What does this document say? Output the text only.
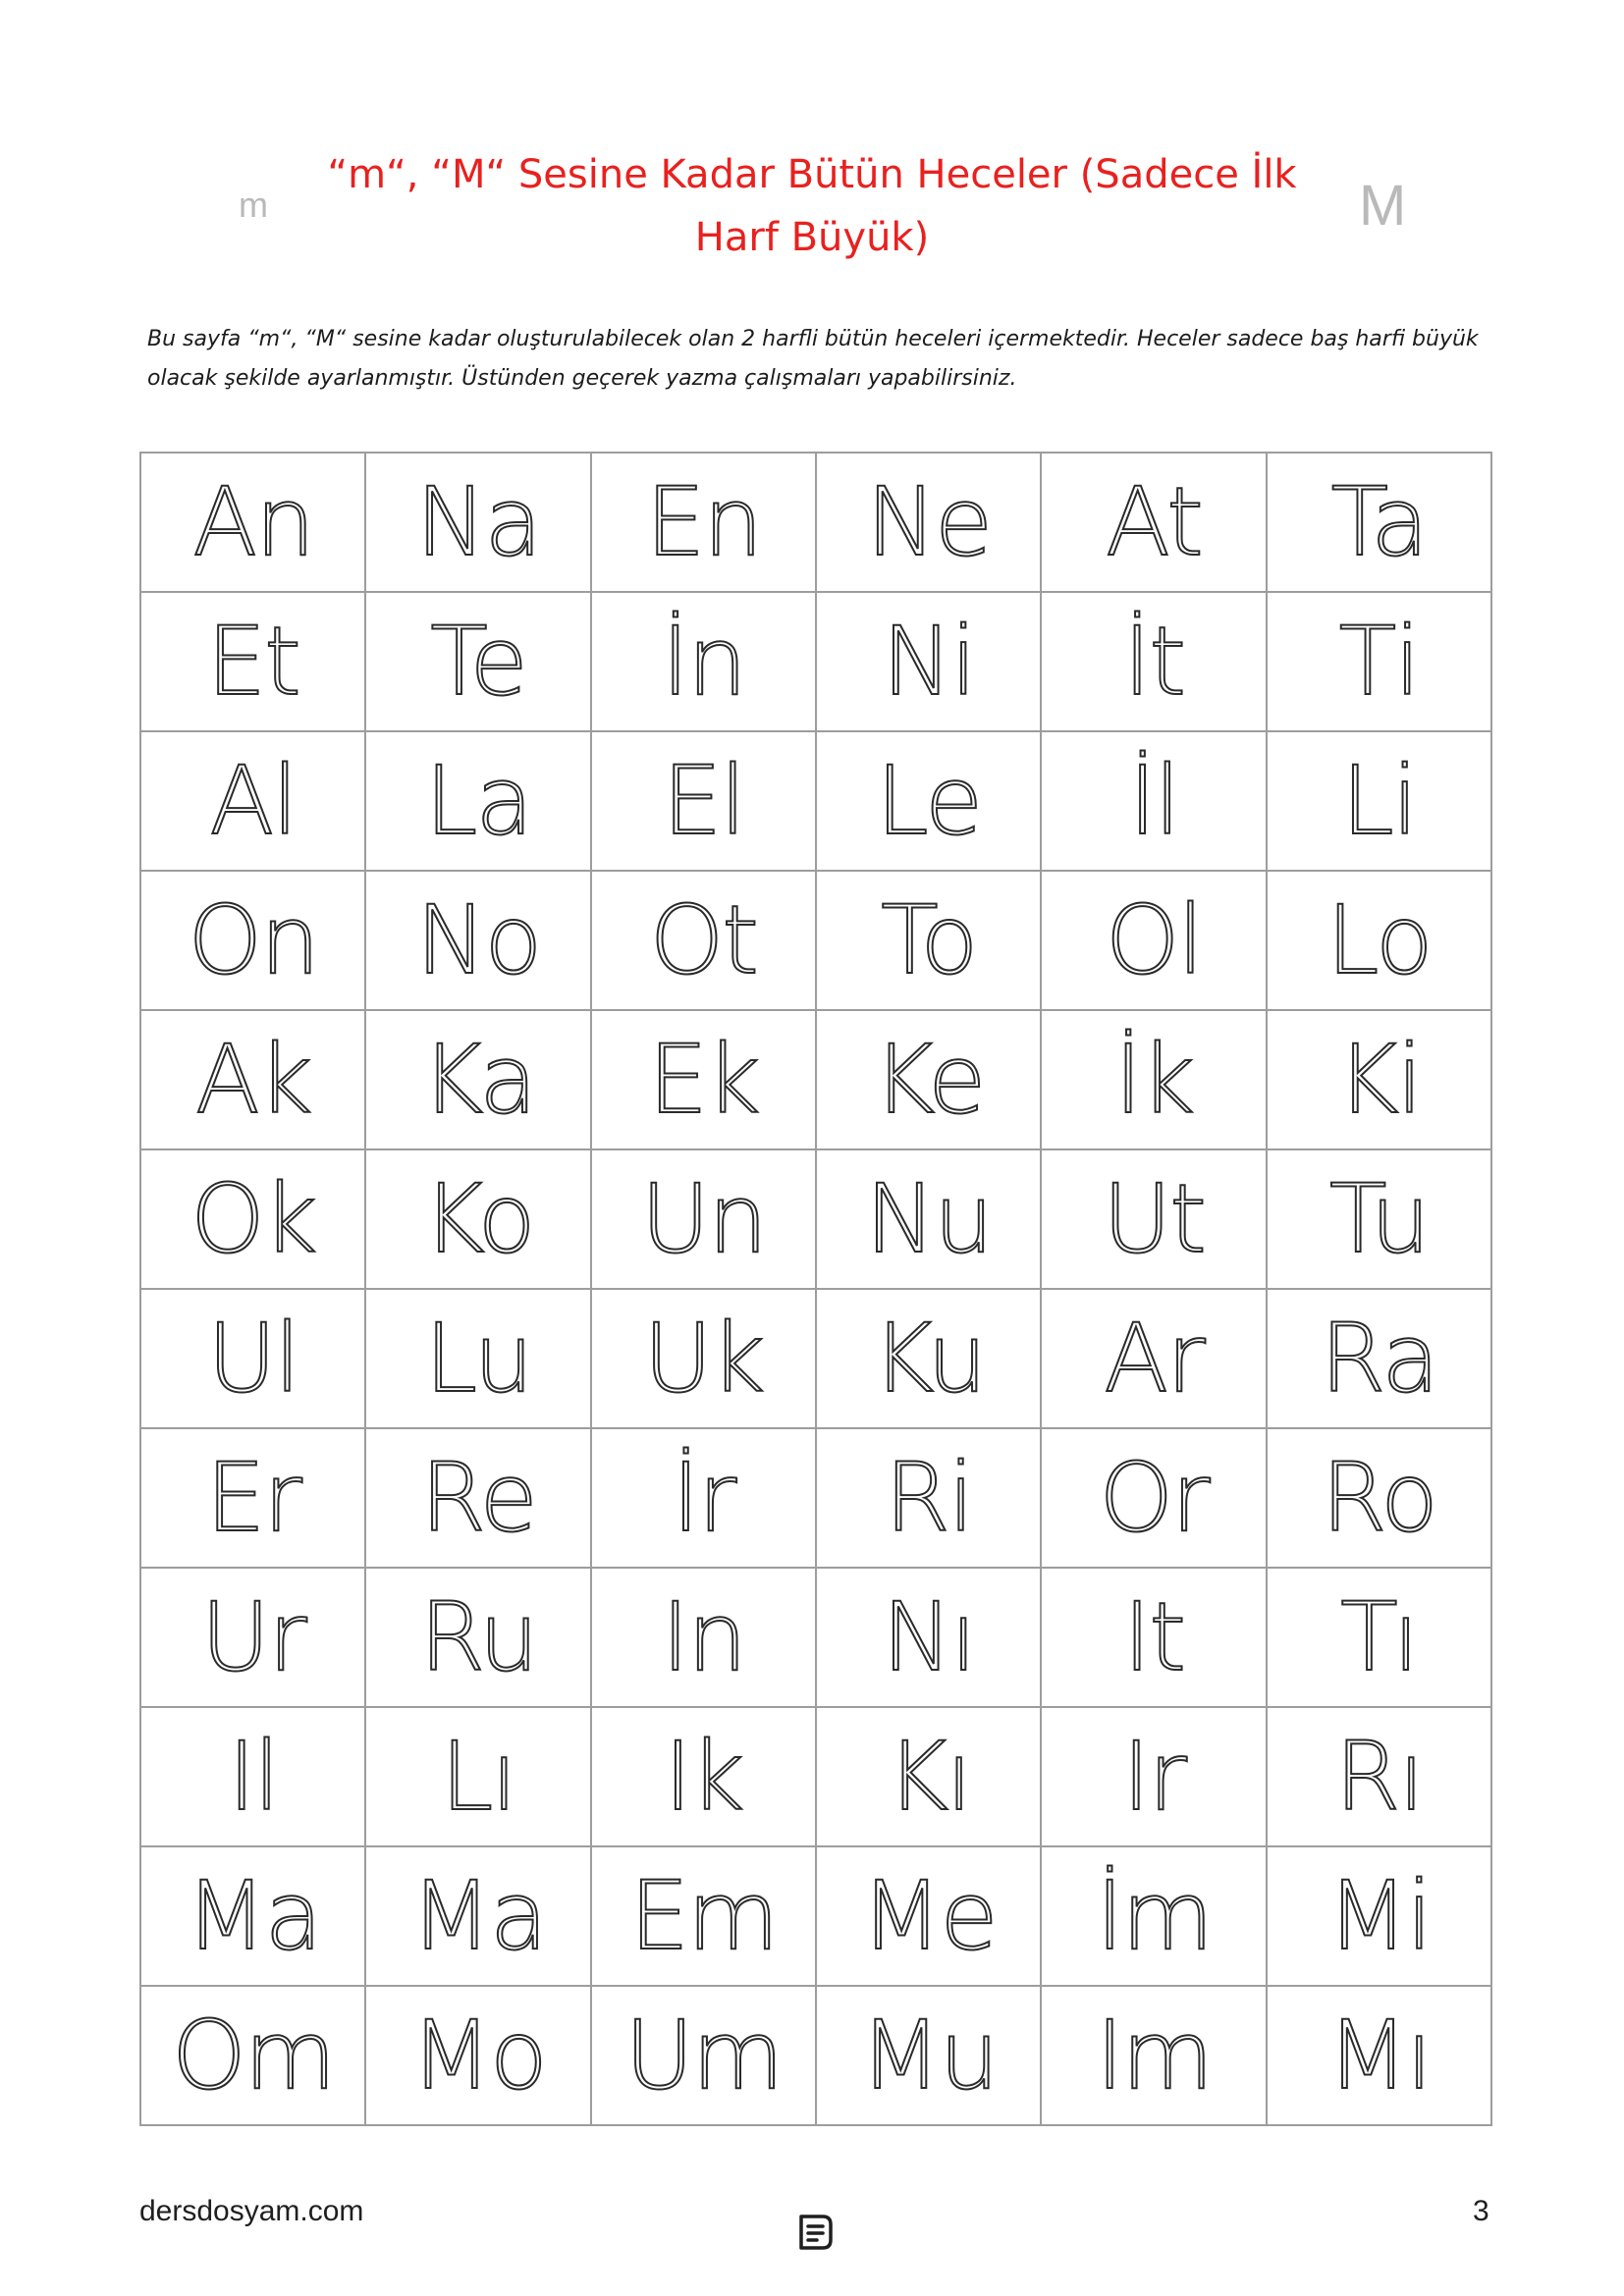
m	M
“m“, “M“ Sesine Kadar Bütün Heceler (Sadece İlk
Harf Büyük)
Bu sayfa “m“, “M“ sesine kadar oluşturulabilecek olan 2 harfli bütün heceleri içermektedir. Heceler sadece baş harfi büyük
olacak şekilde ayarlanmıştır. Üstünden geçerek yazma çalışmaları yapabilirsiniz.
An	Na	En	Ne	At	Ta
Et	Te	İn	Nі	İt	Tі
Al	La	El	Le	İl	Lі
On	No	Ot	To	Ol	Lo
Ak	Ka	Ek	Ke	İk	Kі
Ok	Ko	Un	Nu	Ut	Tu
Ul	Lu	Uk	Ku	Ar	Ra
Er	Re	İr	Rі	Or	Ro
Ur	Ru	In	Nı	It	Tı
Il	Lı	Ik	Kı	Ir	Rı
Ma	Ma	Em	Me	İm	Mі
Om	Mo	Um	Mu	Im	Mı
dersdosyam.com	3
